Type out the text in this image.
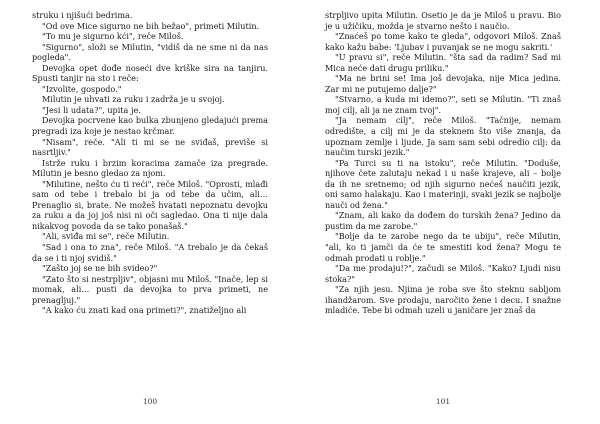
struku i njišući bedrima.

"Od ove Mice sigurno ne bih bežao", primeti Milutin.

"To mu je sigurno kći", reče Miloš.

"Sigurno", složi se Milutin, "vidiš da ne sme ni da nas pogleda".

Devojka opet dođe noseći dve kriške sira na tanjiru. Spusti tanjir na sto i reče:

"Izvolite, gospodo."

Milutin je uhvati za ruku i zadrža je u svojoj.

"Jesi li udata?", upita je.

Devojka pocrvene kao bulka zbunjeno gledajući prema pregradi iza koje je nestao krčmar.

"Nisam", reče. "Ali ti mi se ne sviđaš, previše si nasrtljiv."

Istrže ruku i brzim koracima zamače iza pregrade. Milutin je besno gledao za njom.

"Milutine, nešto ću ti reći", reče Miloš. "Oprosti, mlađi sam od tebe i trebalo bi ja od tebe da učim, ali… Prenaglio si, brate. Ne možeš hvatati nepoznatu devojku za ruku a da joj još nisi ni oči sagledao. Ona ti nije dala nikakvog povoda da se tako ponašaš."

"Ali, sviđa mi se", reče Milutin.

"Sad i ona to zna", reče Miloš. "A trebalo je da čekaš da se i ti njoj svidiš."

"Zašto joj se ne bih svideo?"

"Zato što si nestrpljiv", objasni mu Miloš. "Inače, lep si momak, ali… pusti da devojka to prva primeti, ne prenagljuj."

"A kako ću znati kad ona primeti?", znatiželjno ali

100

strpljivo upita Milutin. Osetio je da je Miloš u pravu. Bio je u užičiku, možda je stvarno nešto i naučio.

"Znaćeš po tome kako te gleda", odgovori Miloš. Znaš kako kažu babe: 'Ljubav i puvanjak se ne mogu sakriti.'

"U pravu si", reče Milutin. "šta sad da radim? Sad mi Mica neće dati drugu priliku."

"Ma ne brini se! Ima još devojaka, nije Mica jedina. Zar mi ne putujemo dalje?"

"Stvarno, a kuda mi idemo?", seti se Milutin. "Ti znaš moj cilj, ali ja ne znam tvoj".

"Ja nemam cilj", reče Miloš. "Tačnije, nemam odredište, a cilj mi je da steknem što više znanja, da upoznam zemlje i ljude. Ja sam sam sebi odredio cilj: da naučim turski jezik."

"Pa Turci su ti na istoku", reče Milutin. "Doduše, njihove čete zalutaju nekad i u naše krajeve, ali – bolje da ih ne sretnemo; od njih sigurno nećeš naučiti jezik, oni samo halakaju. Kao i materinji, svaki jezik se najbolje nauči od žena."

"Znam, ali kako da dođem do turskih žena? Jedino da pustim da me zarobe."

"Bolje da te zarobe nego da te ubiju", reče Milutin, "ali, ko ti jamči da će te smestiti kod žena? Mogu te odmah prodati u roblje."

"Da me prodaju!?", začudi se Miloš. "Kako? Ljudi nisu stoka?"

"Za njih jesu. Njima je roba sve što steknu sabljom ihandžarom. Sve prodaju, naročito žene i decu. I snažne mladiće. Tebe bi odmah uzeli u janičare jer znaš da

101
